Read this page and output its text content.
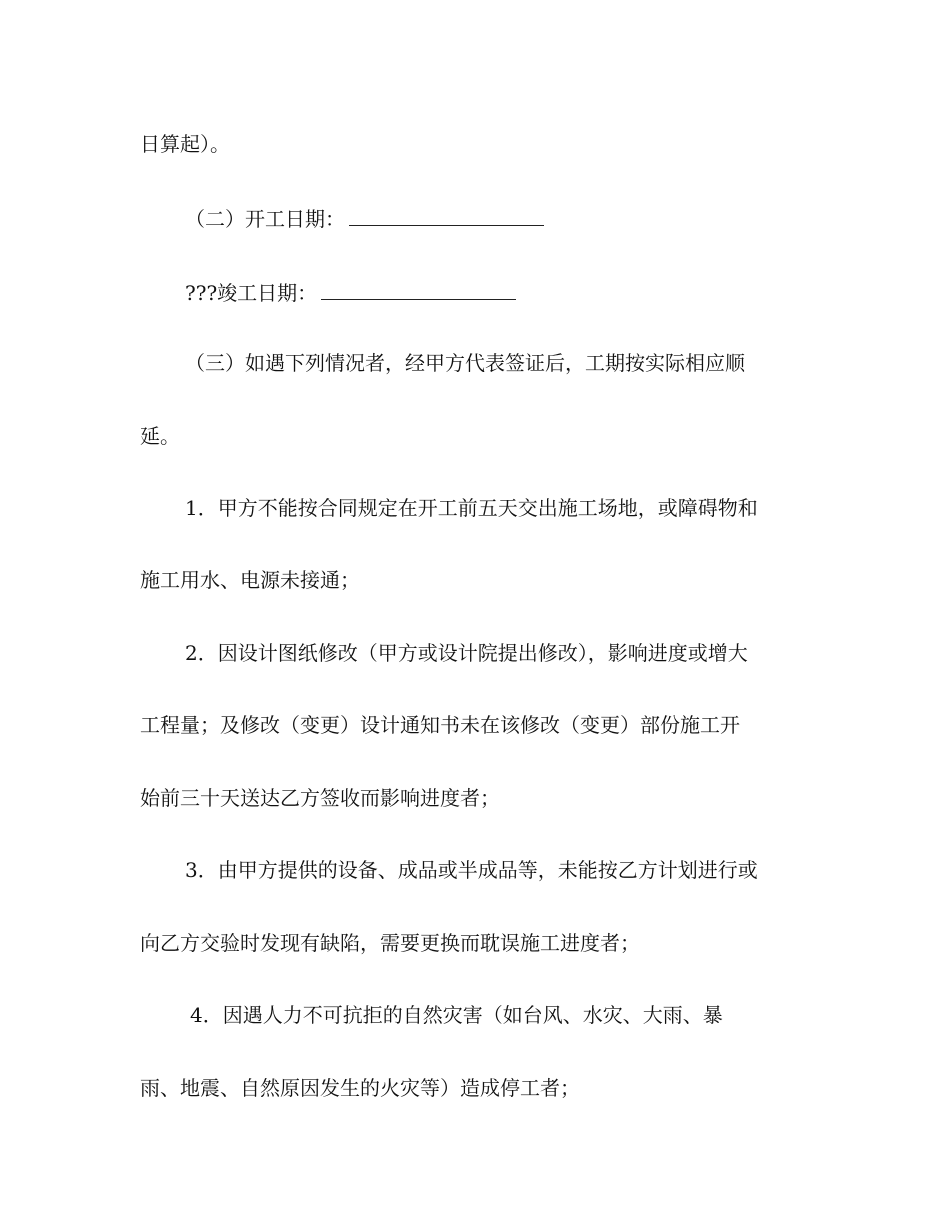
日算起）。
（二）开工日期：
???竣工日期：
（三）如遇下列情况者，经甲方代表签证后，工期按实际相应顺
延。
1．甲方不能按合同规定在开工前五天交出施工场地，或障碍物和
施工用水、电源未接通；
2．因设计图纸修改（甲方或设计院提出修改），影响进度或增大
工程量；及修改（变更）设计通知书未在该修改（变更）部份施工开
始前三十天送达乙方签收而影响进度者；
3．由甲方提供的设备、成品或半成品等，未能按乙方计划进行或
向乙方交验时发现有缺陷，需要更换而耽误施工进度者；
4．因遇人力不可抗拒的自然灾害（如台风、水灾、大雨、暴
雨、地震、自然原因发生的火灾等）造成停工者；
